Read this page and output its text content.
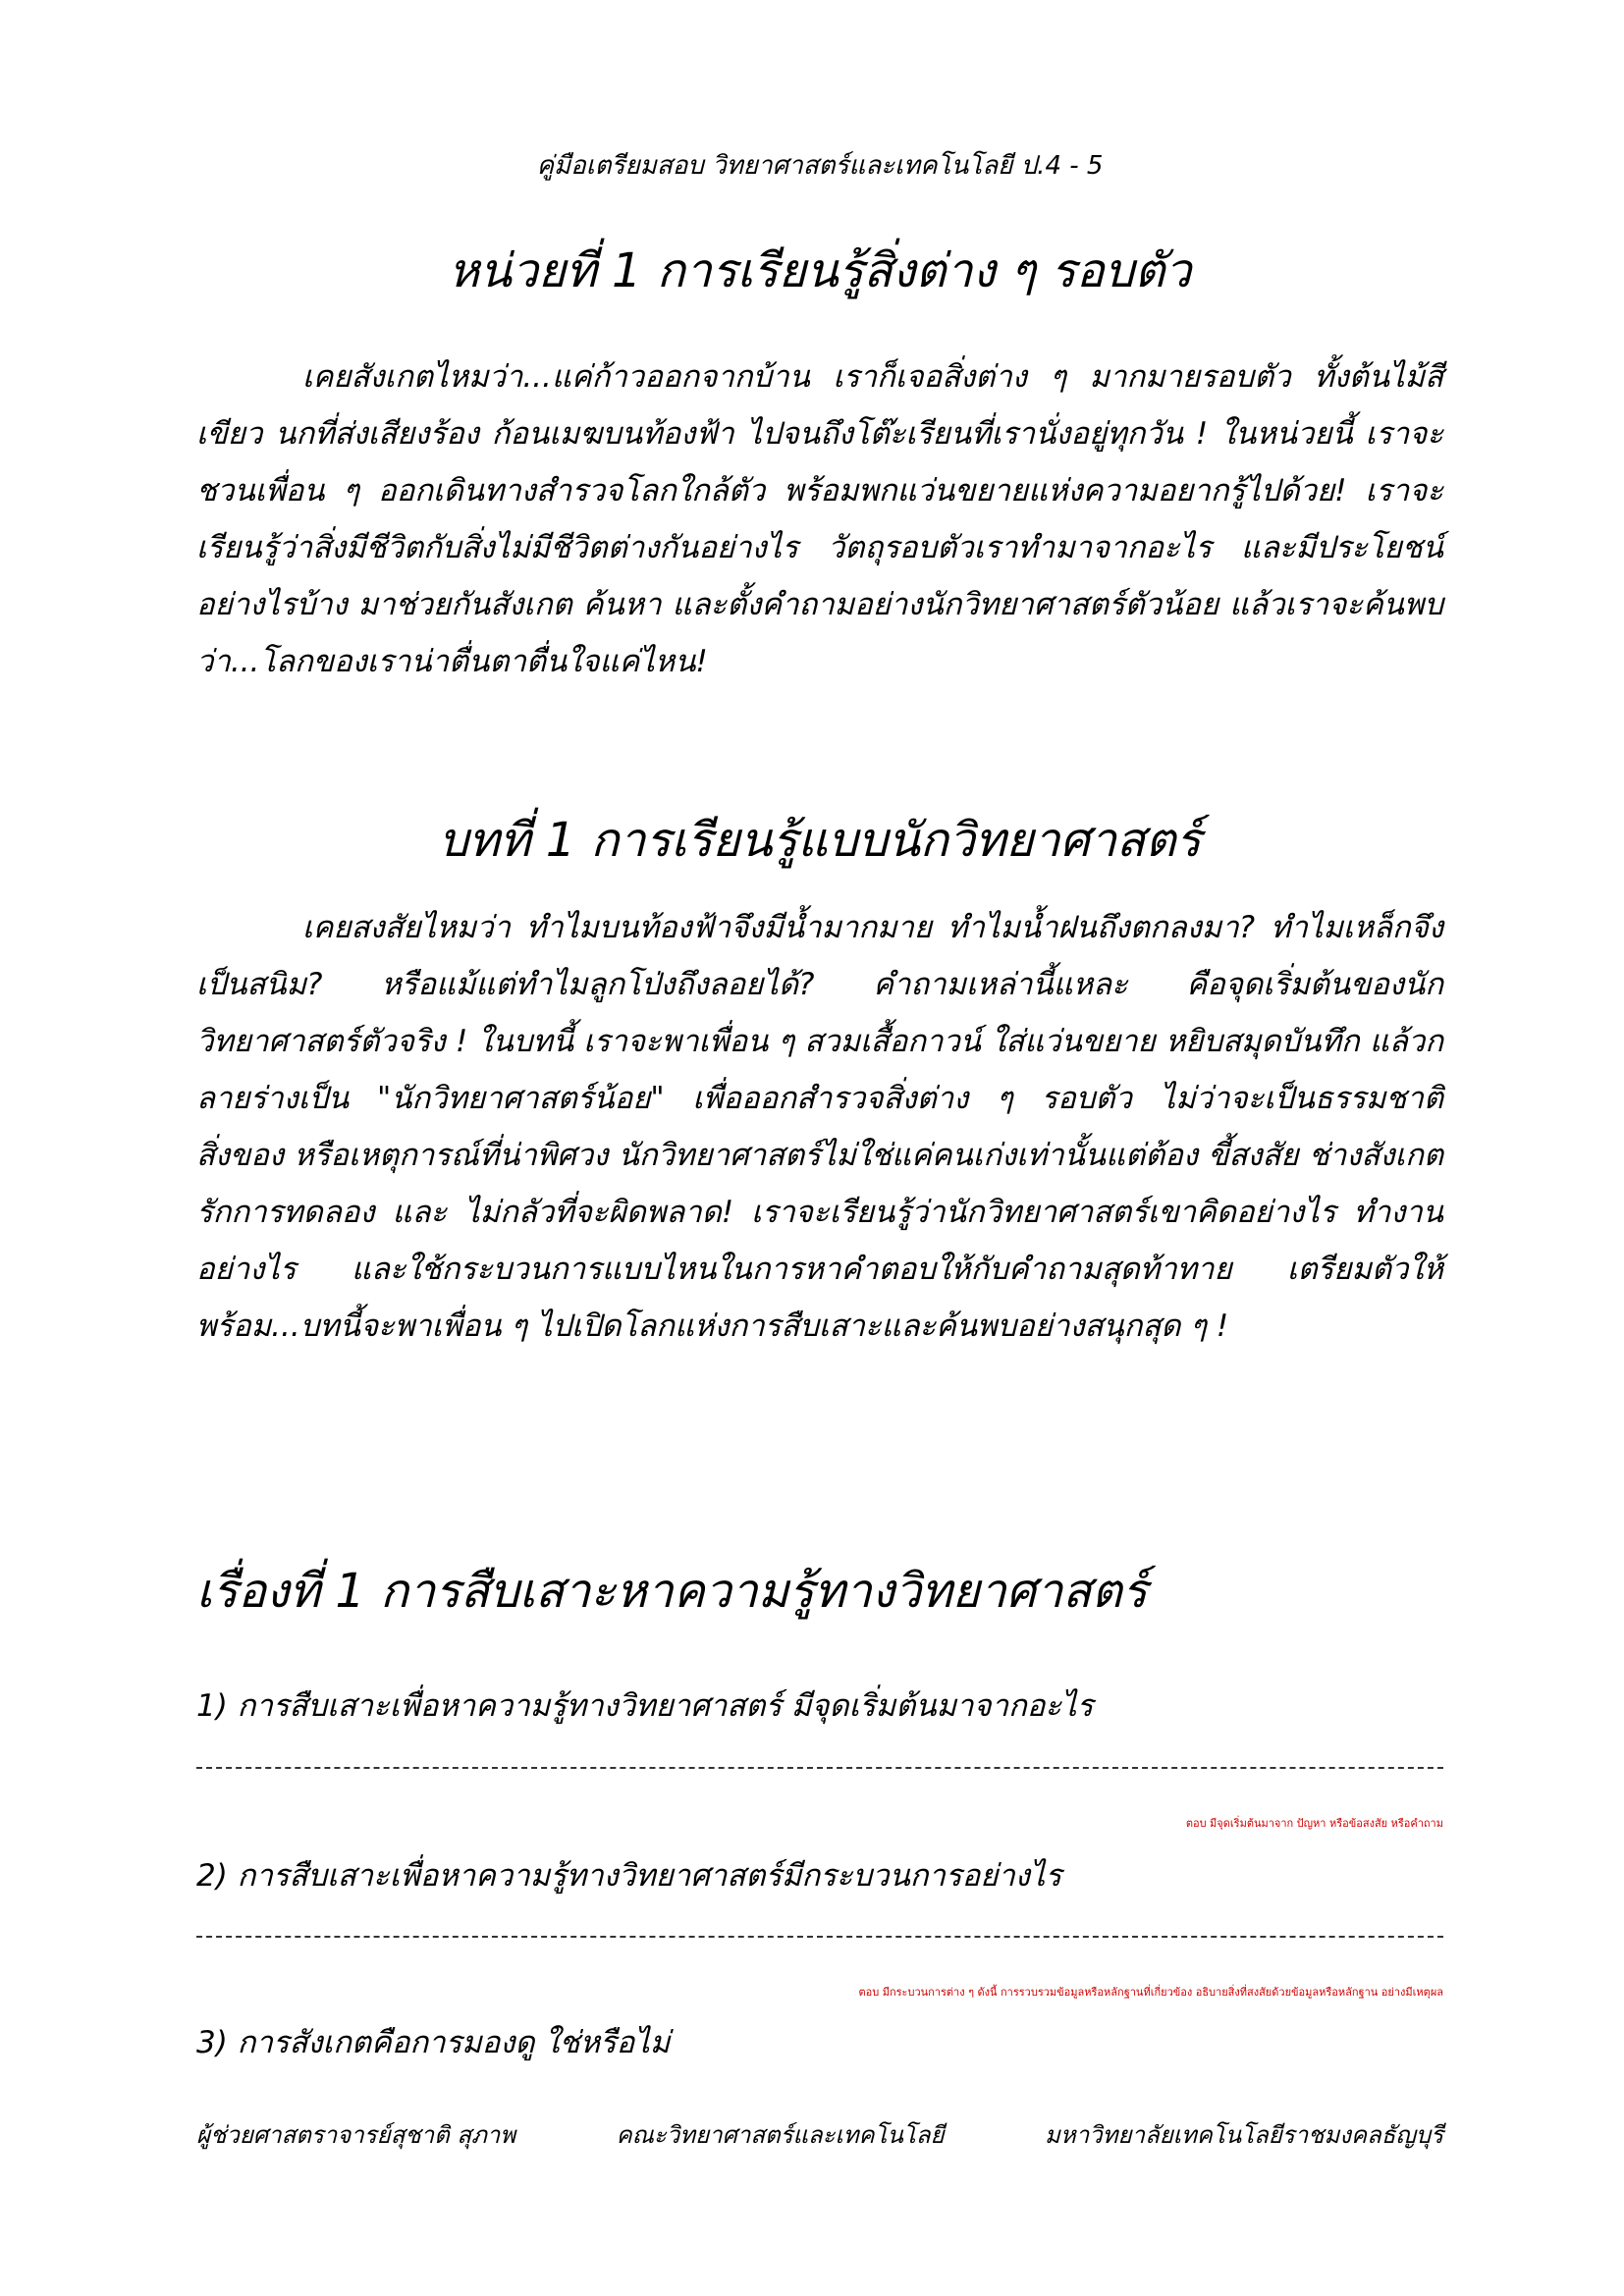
คู่มือเตรียมสอบ วิทยาศาสตร์และเทคโนโลยี ป.4 - 5
หน่วยที่ 1 การเรียนรู้สิ่งต่าง ๆ รอบตัว
เคยสังเกตไหมว่า...แค่ก้าวออกจากบ้าน เราก็เจอสิ่งต่าง ๆ มากมายรอบตัว ทั้งต้นไม้สีเขียว นกที่ส่งเสียงร้อง ก้อนเมฆบนท้องฟ้า ไปจนถึงโต๊ะเรียนที่เรานั่งอยู่ทุกวัน ! ในหน่วยนี้ เราจะชวนเพื่อน ๆ ออกเดินทางสำรวจโลกใกล้ตัว พร้อมพกแว่นขยายแห่งความอยากรู้ไปด้วย! เราจะเรียนรู้ว่าสิ่งมีชีวิตกับสิ่งไม่มีชีวิตต่างกันอย่างไร วัตถุรอบตัวเราทำมาจากอะไร และมีประโยชน์อย่างไรบ้าง มาช่วยกันสังเกต ค้นหา และตั้งคำถามอย่างนักวิทยาศาสตร์ตัวน้อย แล้วเราจะค้นพบว่า...โลกของเราน่าตื่นตาตื่นใจแค่ไหน!
บทที่ 1 การเรียนรู้แบบนักวิทยาศาสตร์
เคยสงสัยไหมว่า ทำไมบนท้องฟ้าจึงมีน้ำมากมาย ทำไมน้ำฝนถึงตกลงมา? ทำไมเหล็กจึงเป็นสนิม? หรือแม้แต่ทำไมลูกโป่งถึงลอยได้? คำถามเหล่านี้แหละ คือจุดเริ่มต้นของนักวิทยาศาสตร์ตัวจริง ! ในบทนี้ เราจะพาเพื่อน ๆ สวมเสื้อกาวน์ ใส่แว่นขยาย หยิบสมุดบันทึก แล้วกลายร่างเป็น "นักวิทยาศาสตร์น้อย" เพื่อออกสำรวจสิ่งต่าง ๆ รอบตัว ไม่ว่าจะเป็นธรรมชาติ สิ่งของ หรือเหตุการณ์ที่น่าพิศวง นักวิทยาศาสตร์ไม่ใช่แค่คนเก่งเท่านั้นแต่ต้อง ขี้สงสัย ช่างสังเกต รักการทดลอง และ ไม่กลัวที่จะผิดพลาด! เราจะเรียนรู้ว่านักวิทยาศาสตร์เขาคิดอย่างไร ทำงานอย่างไร และใช้กระบวนการแบบไหนในการหาคำตอบให้กับคำถามสุดท้าทาย เตรียมตัวให้พร้อม...บทนี้จะพาเพื่อน ๆ ไปเปิดโลกแห่งการสืบเสาะและค้นพบอย่างสนุกสุด ๆ !
เรื่องที่ 1 การสืบเสาะหาความรู้ทางวิทยาศาสตร์
1) การสืบเสาะเพื่อหาความรู้ทางวิทยาศาสตร์ มีจุดเริ่มต้นมาจากอะไร
ตอบ มีจุดเริ่มต้นมาจาก ปัญหา หรือข้อสงสัย หรือคำถาม
2) การสืบเสาะเพื่อหาความรู้ทางวิทยาศาสตร์มีกระบวนการอย่างไร
ตอบ มีกระบวนการต่าง ๆ ดังนี้ การรวบรวมข้อมูลหรือหลักฐานที่เกี่ยวข้อง อธิบายสิ่งที่สงสัยด้วยข้อมูลหรือหลักฐาน อย่างมีเหตุผล
3) การสังเกตคือการมองดู ใช่หรือไม่
ผู้ช่วยศาสตราจารย์สุชาติ สุภาพ	คณะวิทยาศาสตร์และเทคโนโลยี	มหาวิทยาลัยเทคโนโลยีราชมงคลธัญบุรี
